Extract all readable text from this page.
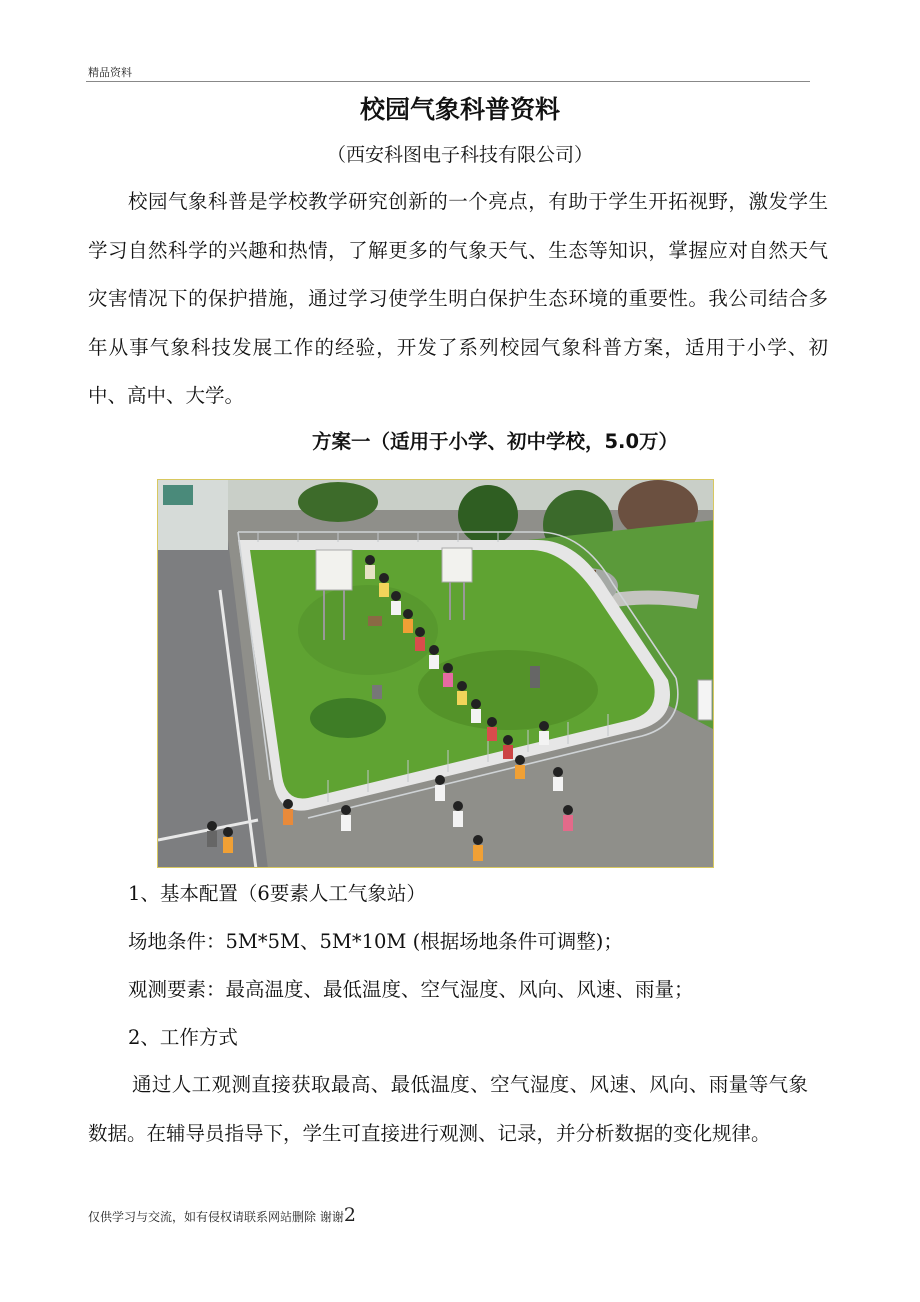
精品资料
校园气象科普资料
（西安科图电子科技有限公司）
校园气象科普是学校教学研究创新的一个亮点，有助于学生开拓视野，激发学生学习自然科学的兴趣和热情，了解更多的气象天气、生态等知识，掌握应对自然天气灾害情况下的保护措施，通过学习使学生明白保护生态环境的重要性。我公司结合多年从事气象科技发展工作的经验，开发了系列校园气象科普方案，适用于小学、初中、高中、大学。
方案一（适用于小学、初中学校，5.0万）
1、基本配置（6要素人工气象站）
场地条件：5M*5M、5M*10M (根据场地条件可调整)；
观测要素：最高温度、最低温度、空气湿度、风向、风速、雨量；
2、工作方式
通过人工观测直接获取最高、最低温度、空气湿度、风速、风向、雨量等气象数据。在辅导员指导下，学生可直接进行观测、记录，并分析数据的变化规律。
仅供学习与交流，如有侵权请联系网站删除 谢谢2
